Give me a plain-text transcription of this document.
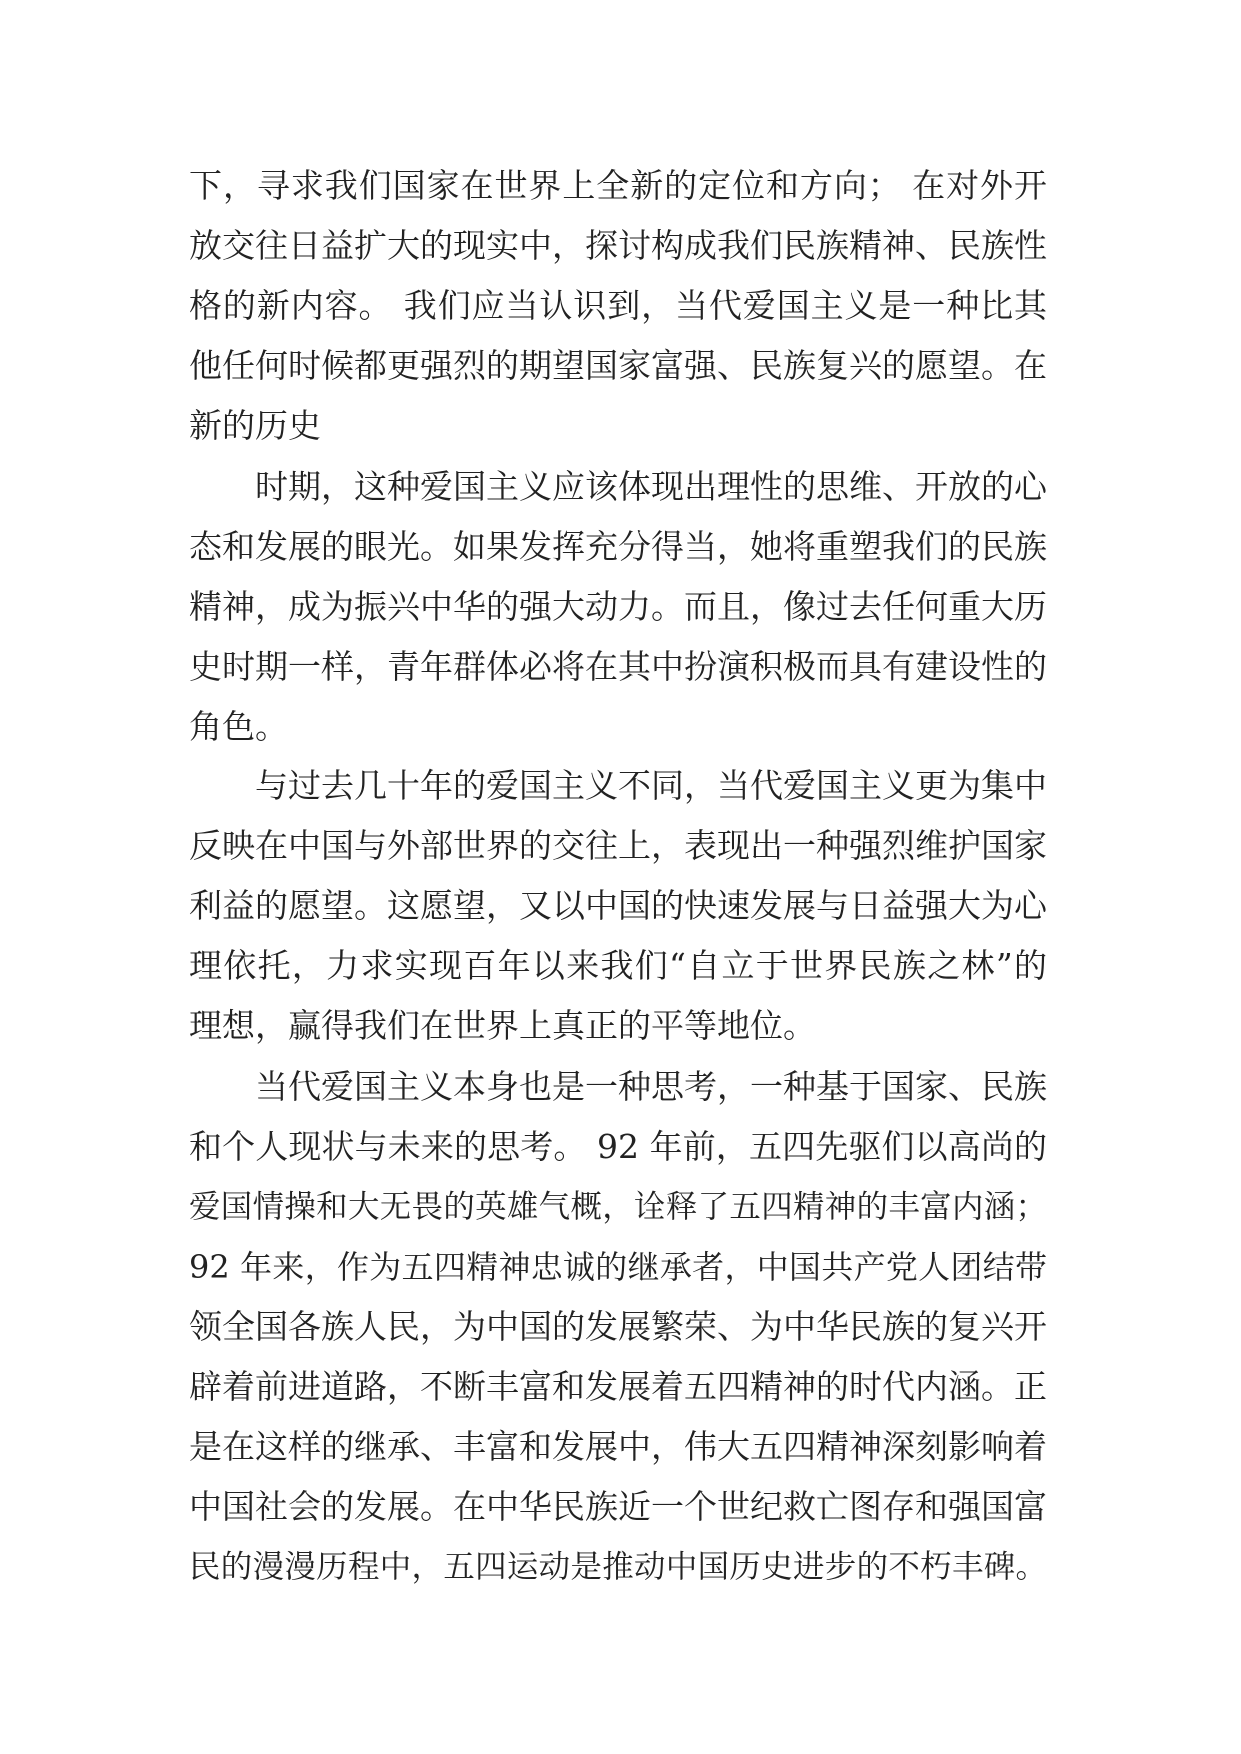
下，寻求我们国家在世界上全新的定位和方向； 在对外开
放交往日益扩大的现实中，探讨构成我们民族精神、民族性
格的新内容。 我们应当认识到，当代爱国主义是一种比其
他任何时候都更强烈的期望国家富强、民族复兴的愿望。在
新的历史
时期，这种爱国主义应该体现出理性的思维、开放的心
态和发展的眼光。如果发挥充分得当，她将重塑我们的民族
精神，成为振兴中华的强大动力。而且，像过去任何重大历
史时期一样，青年群体必将在其中扮演积极而具有建设性的
角色。
与过去几十年的爱国主义不同，当代爱国主义更为集中
反映在中国与外部世界的交往上，表现出一种强烈维护国家
利益的愿望。这愿望，又以中国的快速发展与日益强大为心
理依托，力求实现百年以来我们“自立于世界民族之林”的
理想，赢得我们在世界上真正的平等地位。
当代爱国主义本身也是一种思考，一种基于国家、民族
和个人现状与未来的思考。 92 年前，五四先驱们以高尚的
爱国情操和大无畏的英雄气概，诠释了五四精神的丰富内涵；
92 年来，作为五四精神忠诚的继承者，中国共产党人团结带
领全国各族人民，为中国的发展繁荣、为中华民族的复兴开
辟着前进道路，不断丰富和发展着五四精神的时代内涵。正
是在这样的继承、丰富和发展中，伟大五四精神深刻影响着
中国社会的发展。在中华民族近一个世纪救亡图存和强国富
民的漫漫历程中，五四运动是推动中国历史进步的不朽丰碑。
